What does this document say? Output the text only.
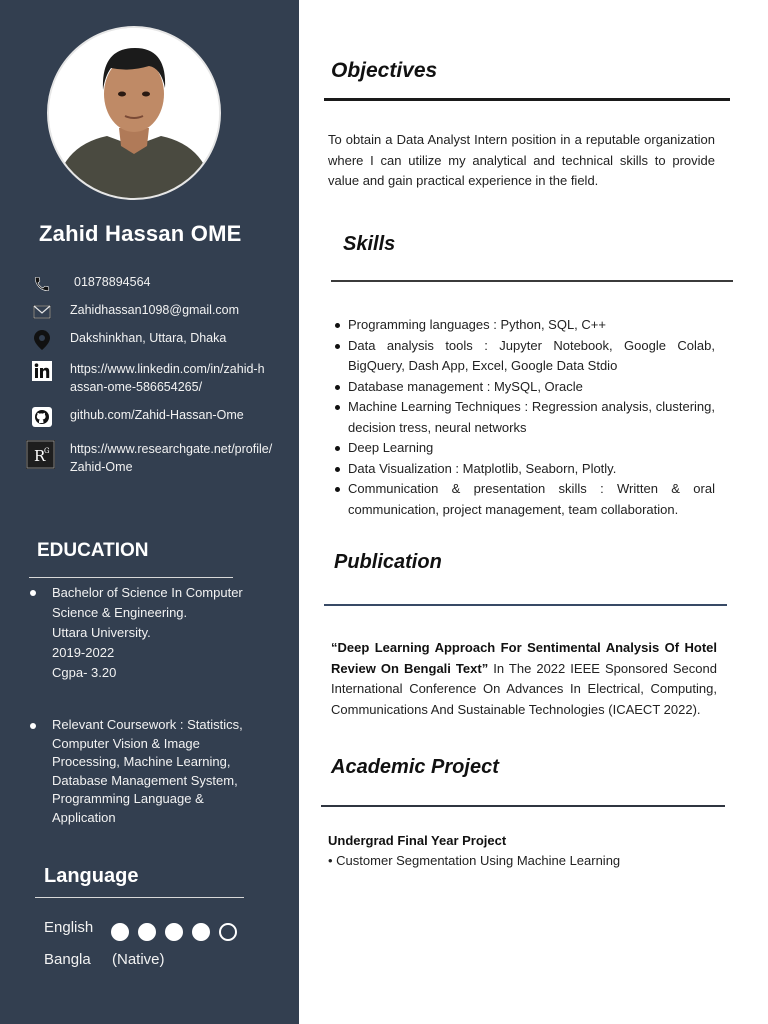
Zahid Hassan OME
01878894564
Zahidhassan1098@gmail.com
Dakshinkhan, Uttara, Dhaka
https://www.linkedin.com/in/zahid-hassan-ome-586654265/
github.com/Zahid-Hassan-Ome
R
G https://www.researchgate.net/profile/Zahid-Ome
EDUCATION
Bachelor of Science In Computer
Science & Engineering.
Uttara University.
2019-2022
Cgpa- 3.20
Relevant Coursework : Statistics, Computer Vision & Image Processing, Machine Learning, Database Management System, Programming Language & Application
Language
English
Bangla (Native)
Objectives
To obtain a Data Analyst Intern position in a reputable organization where I can utilize my analytical and technical skills to provide value and gain practical experience in the field.
Skills
Programming languages : Python, SQL, C++
Data analysis tools : Jupyter Notebook, Google Colab, BigQuery, Dash App, Excel, Google Data Stdio
Database management : MySQL, Oracle
Machine Learning Techniques : Regression analysis, clustering, decision tress, neural networks
Deep Learning
Data Visualization : Matplotlib, Seaborn, Plotly.
Communication & presentation skills : Written & oral communication, project management, team collaboration.
Publication
“Deep Learning Approach For Sentimental Analysis Of Hotel Review On Bengali Text” In The 2022 IEEE Sponsored Second International Conference On Advances In Electrical, Computing, Communications And Sustainable Technologies (ICAECT 2022).
Academic Project
Undergrad Final Year Project
• Customer Segmentation Using Machine Learning
